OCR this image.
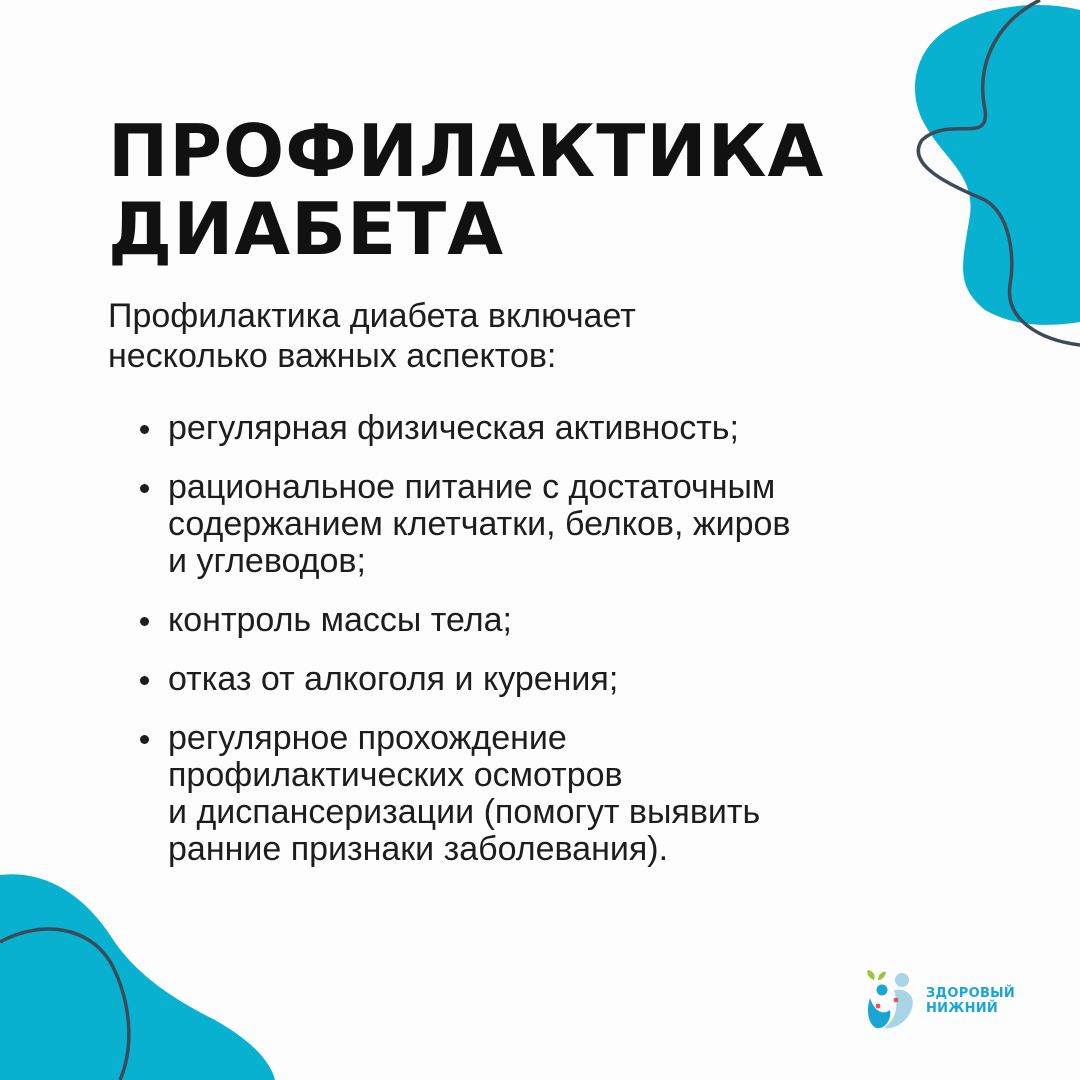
ПРОФИЛАКТИКА
ДИАБЕТА

Профилактика диабета включает
несколько важных аспектов:

регулярная физическая активность;
рациональное питание с достаточным
содержанием клетчатки, белков, жиров
и углеводов;
контроль массы тела;
отказ от алкоголя и курения;
регулярное прохождение
профилактических осмотров
и диспансеризации (помогут выявить
ранние признаки заболевания).
ЗДОРОВЫЙ
НИЖНИЙ
